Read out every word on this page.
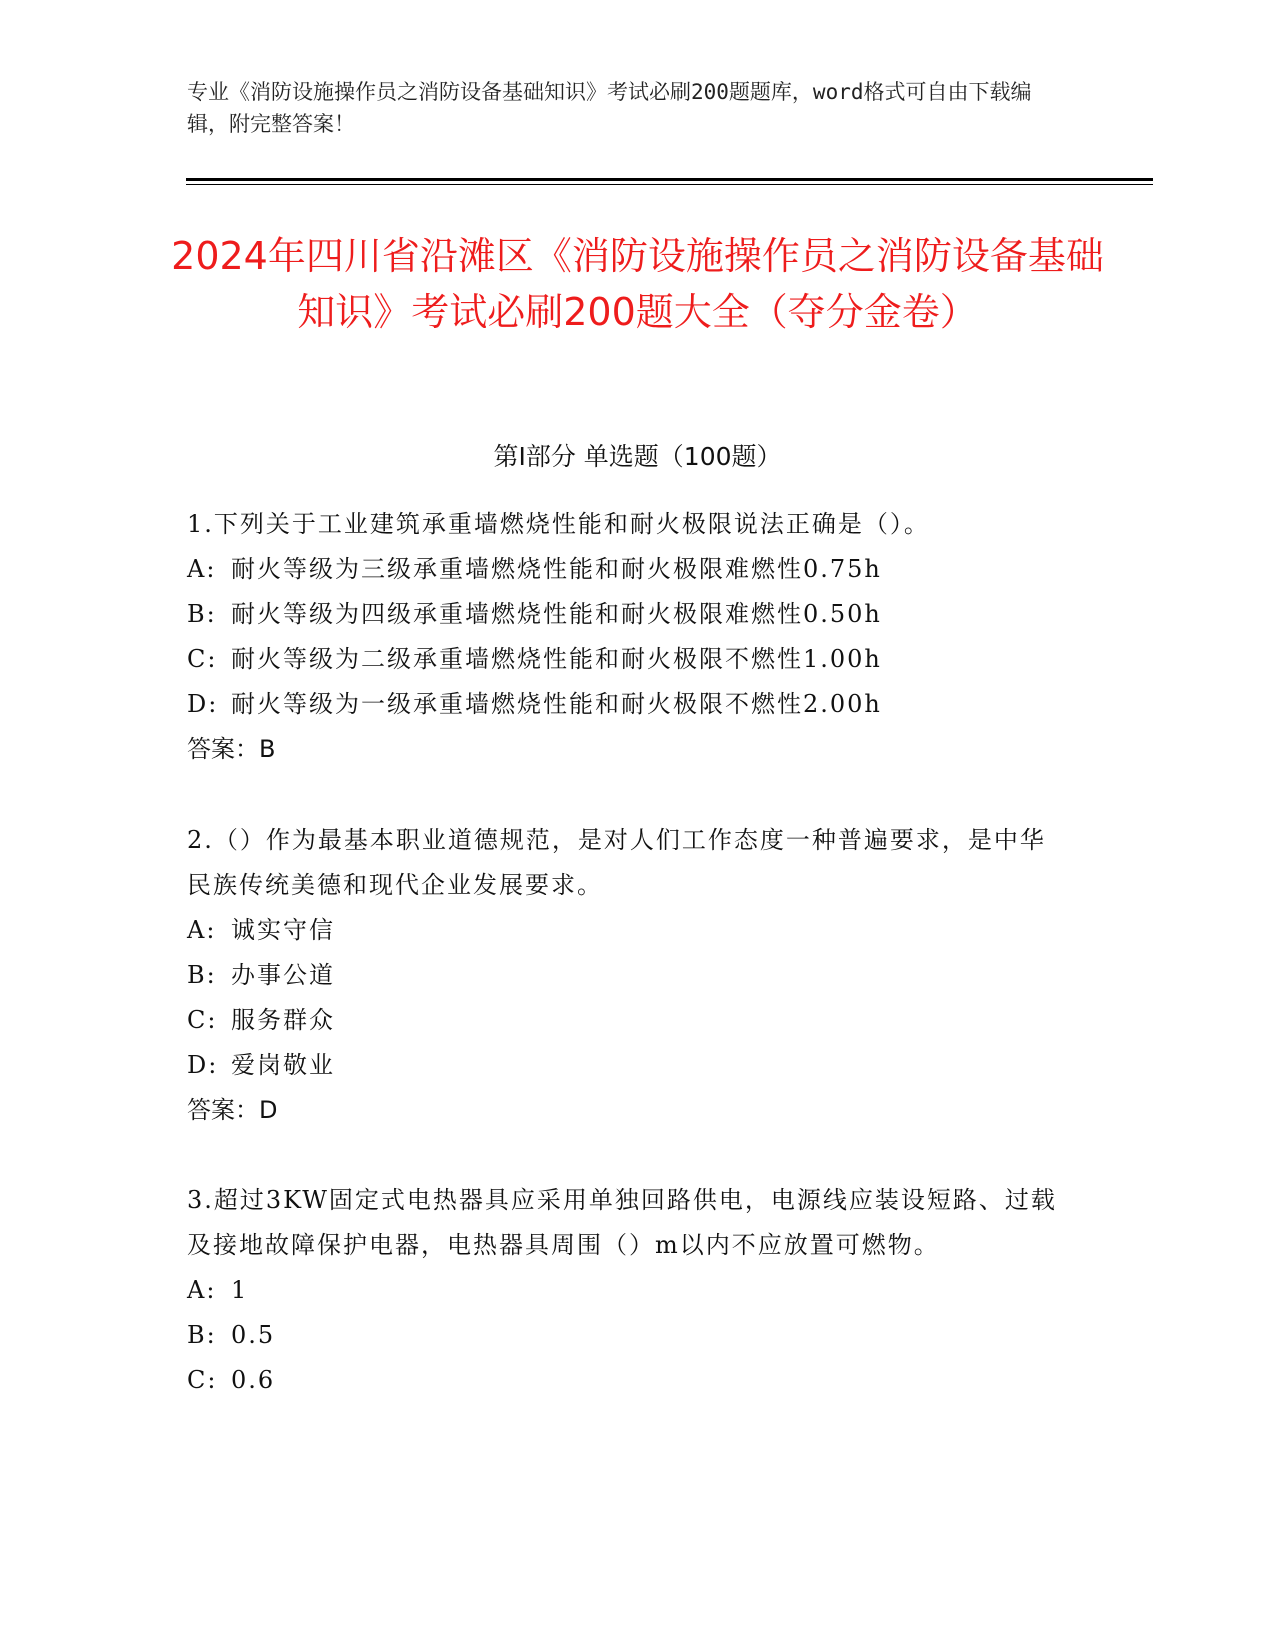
专业《消防设施操作员之消防设备基础知识》考试必刷200题题库，word格式可自由下载编辑，附完整答案！
2024年四川省沿滩区《消防设施操作员之消防设备基础知识》考试必刷200题大全（夺分金卷）
第Ⅰ部分 单选题（100题）

1.下列关于工业建筑承重墙燃烧性能和耐火极限说法正确是（）。

A: 耐火等级为三级承重墙燃烧性能和耐火极限难燃性0.75h

B: 耐火等级为四级承重墙燃烧性能和耐火极限难燃性0.50h

C: 耐火等级为二级承重墙燃烧性能和耐火极限不燃性1.00h

D: 耐火等级为一级承重墙燃烧性能和耐火极限不燃性2.00h

答案：B

2.（）作为最基本职业道德规范，是对人们工作态度一种普遍要求，是中华民族传统美德和现代企业发展要求。

A: 诚实守信

B: 办事公道

C: 服务群众

D: 爱岗敬业

答案：D

3.超过3KW固定式电热器具应采用单独回路供电，电源线应装设短路、过载及接地故障保护电器，电热器具周围（）m以内不应放置可燃物。

A: 1

B: 0.5

C: 0.6
